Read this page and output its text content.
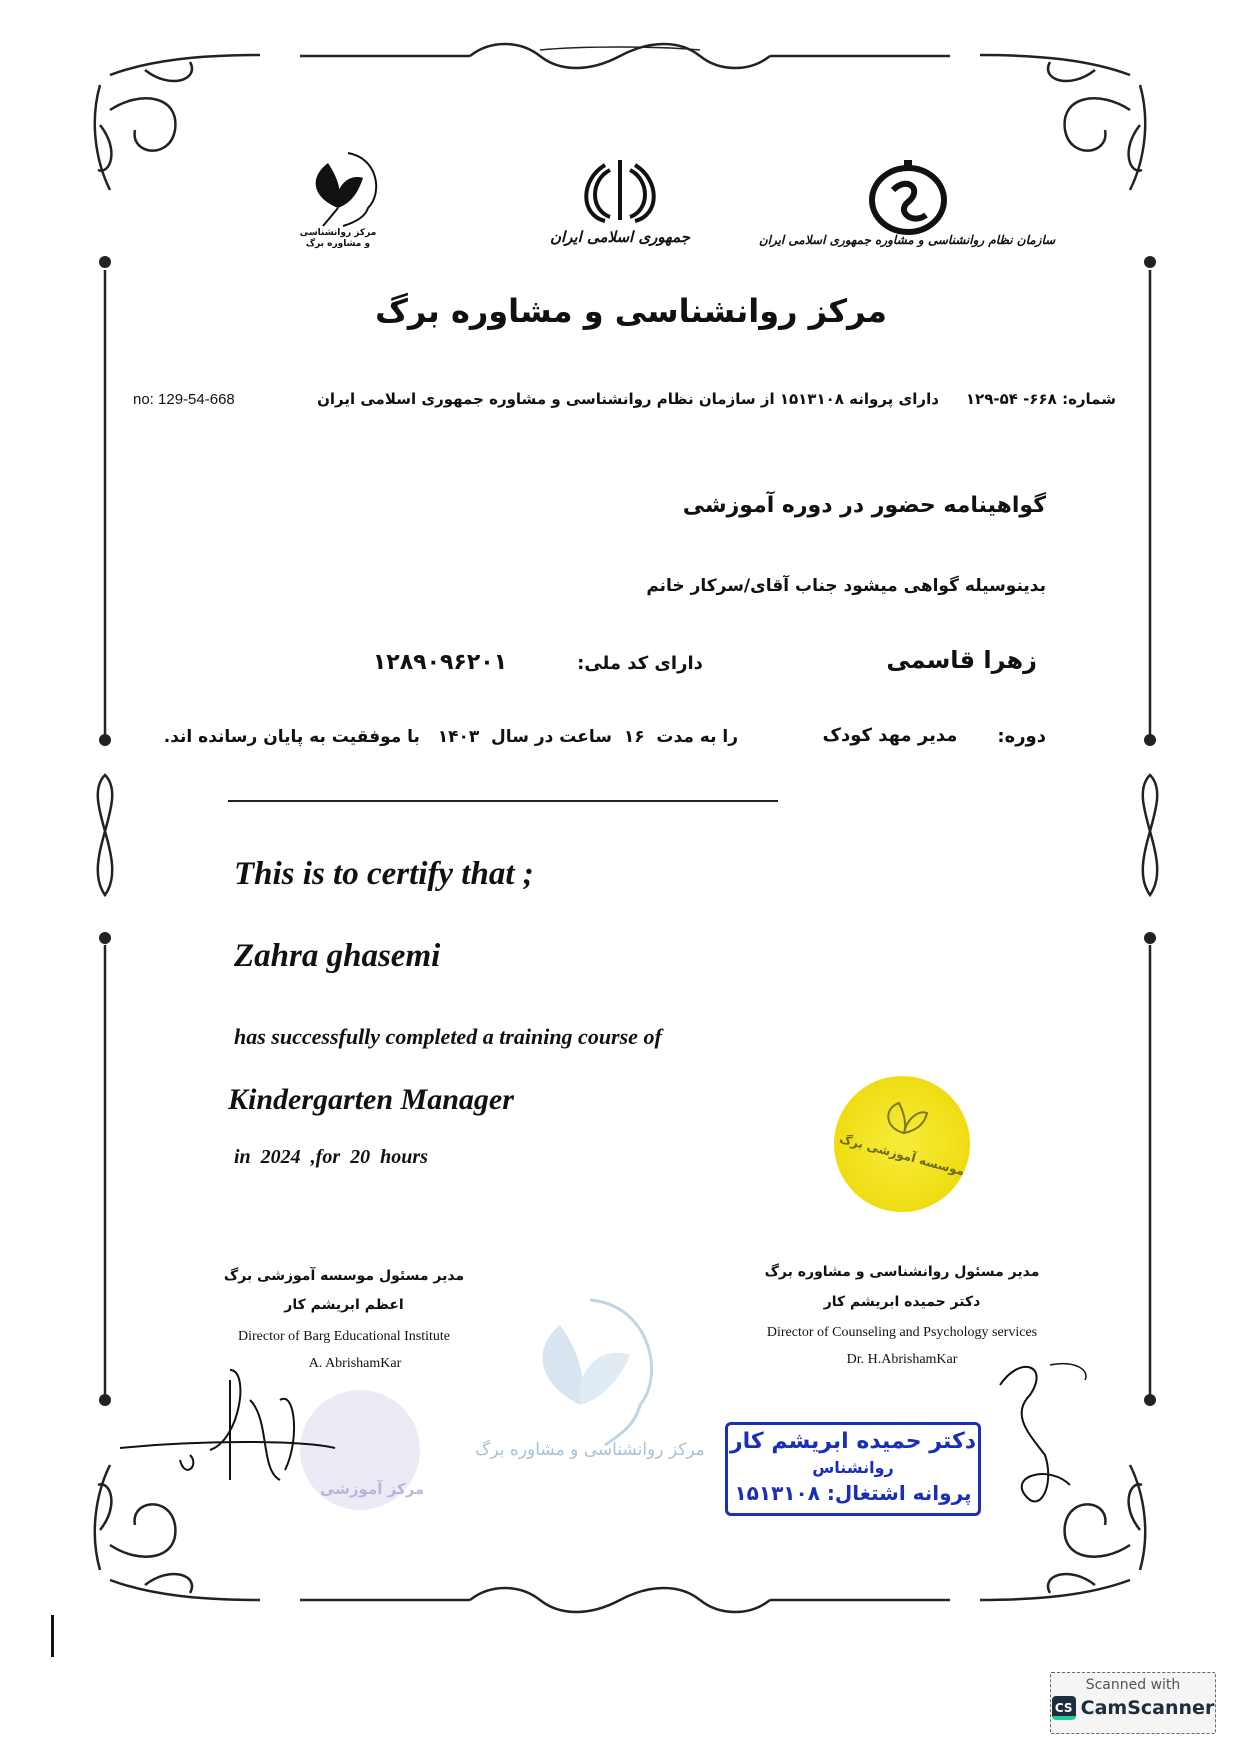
مرکز روانشناسی و مشاوره برگ	جمهوری اسلامی ایران	سازمان نظام روانشناسی و مشاوره جمهوری اسلامی ایران
مرکز روانشناسی و مشاوره برگ
no: 129-54-668	دارای پروانه ۱۵۱۳۱۰۸ از سازمان نظام روانشناسی و مشاوره جمهوری اسلامی ایران شماره: ۶۶۸- ۵۴-۱۲۹
گواهینامه حضور در دوره آموزشی
بدینوسیله گواهی میشود جناب آقای/سرکار خانم
زهرا قاسمی
دارای کد ملی:
۱۲۸۹۰۹۶۲۰۱
دوره:
مدیر مهد کودک
را به مدت  ۱۶  ساعت در سال  ۱۴۰۳   با موفقیت به پایان رسانده اند.
This is to certify that ;
Zahra ghasemi
has successfully completed a training course of
Kindergarten Manager
in  2024  ,for  20  hours	موسسه آموزشی برگ
مرکز روانشناسی و مشاوره برگ
مدیر مسئول موسسه آموزشی برگ
اعظم ابریشم کار
Director of Barg Educational Institute
A. AbrishamKar
مدیر مسئول روانشناسی و مشاوره برگ
دکتر حمیده ابریشم کار
Director of Counseling and Psychology services
Dr. H.AbrishamKar
مرکز آموزشی
دکتر حمیده ابریشم کار
روانشناس
پروانه اشتغال: ۱۵۱۳۱۰۸
Scanned with
CS CamScanner
